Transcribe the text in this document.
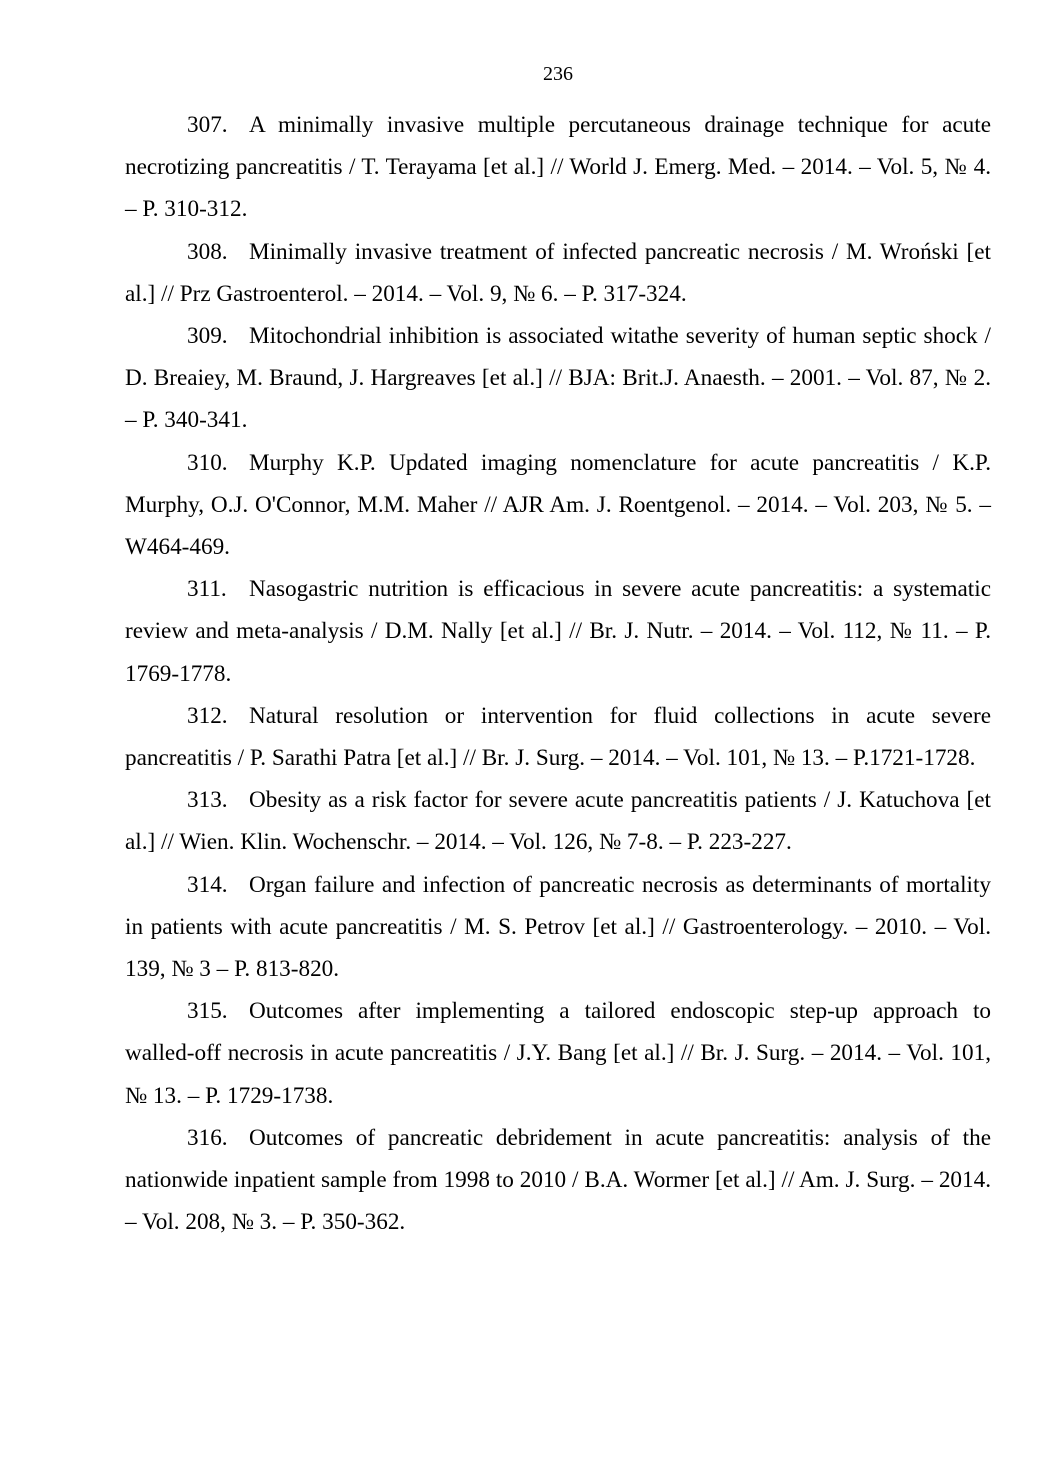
236
307. A minimally invasive multiple percutaneous drainage technique for acute necrotizing pancreatitis / T. Terayama [et al.] // World J. Emerg. Med. – 2014. – Vol. 5, № 4. – P. 310-312.
308. Minimally invasive treatment of infected pancreatic necrosis / M. Wroński [et al.] // Prz Gastroenterol. – 2014. – Vol. 9, № 6. – P. 317-324.
309. Mitochondrial inhibition is associated witathe severity of human septic shock / D. Breaiey, M. Braund, J. Hargreaves [et al.] // BJA: Brit.J. Anaesth. – 2001. – Vol. 87, № 2. – P. 340-341.
310. Murphy K.P. Updated imaging nomenclature for acute pancreatitis / K.P. Murphy, O.J. O'Connor, M.M. Maher // AJR Am. J. Roentgenol. – 2014. – Vol. 203, № 5. – W464-469.
311. Nasogastric nutrition is efficacious in severe acute pancreatitis: a systematic review and meta-analysis / D.M. Nally [et al.] // Br. J. Nutr. – 2014. – Vol. 112, № 11. – P. 1769-1778.
312. Natural resolution or intervention for fluid collections in acute severe pancreatitis / P. Sarathi Patra [et al.] // Br. J. Surg. – 2014. – Vol. 101, № 13. – P.1721-1728.
313. Obesity as a risk factor for severe acute pancreatitis patients / J. Katuchova [et al.] // Wien. Klin. Wochenschr. – 2014. – Vol. 126, № 7-8. – P. 223-227.
314. Organ failure and infection of pancreatic necrosis as determinants of mortality in patients with acute pancreatitis / M. S. Petrov [et al.] // Gastroenterology. – 2010. – Vol. 139, № 3 – P. 813-820.
315. Outcomes after implementing a tailored endoscopic step-up approach to walled-off necrosis in acute pancreatitis / J.Y. Bang [et al.] // Br. J. Surg. – 2014. – Vol. 101, № 13. – P. 1729-1738.
316. Outcomes of pancreatic debridement in acute pancreatitis: analysis of the nationwide inpatient sample from 1998 to 2010 / B.A. Wormer [et al.] // Am. J. Surg. – 2014. – Vol. 208, № 3. – P. 350-362.
